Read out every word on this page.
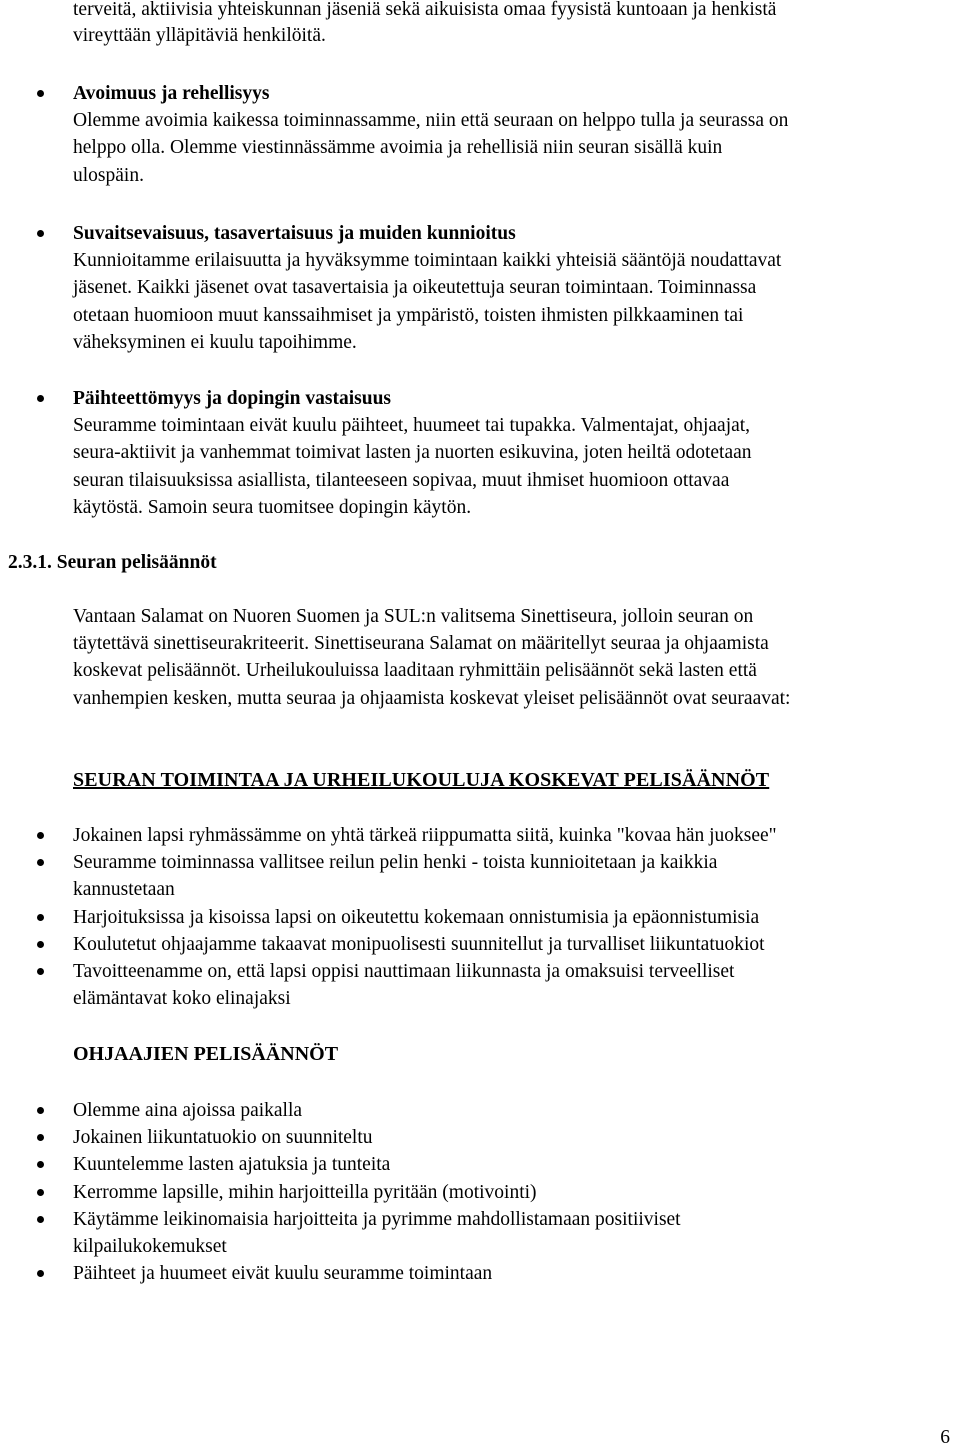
terveitä, aktiivisia yhteiskunnan jäseniä sekä aikuisista omaa fyysistä kuntoaan ja henkistä
vireyttään ylläpitäviä henkilöitä.
Avoimuus ja rehellisyys
Olemme avoimia kaikessa toiminnassamme, niin että seuraan on helppo tulla ja seurassa on
helppo olla. Olemme viestinnässämme avoimia ja rehellisiä niin seuran sisällä kuin
ulospäin.
Suvaitsevaisuus, tasavertaisuus ja muiden kunnioitus
Kunnioitamme erilaisuutta ja hyväksymme toimintaan kaikki yhteisiä sääntöjä noudattavat
jäsenet. Kaikki jäsenet ovat tasavertaisia ja oikeutettuja seuran toimintaan. Toiminnassa
otetaan huomioon muut kanssaihmiset ja ympäristö, toisten ihmisten pilkkaaminen tai
väheksyminen ei kuulu tapoihimme.
Päihteettömyys ja dopingin vastaisuus
Seuramme toimintaan eivät kuulu päihteet, huumeet tai tupakka. Valmentajat, ohjaajat,
seura-aktiivit ja vanhemmat toimivat lasten ja nuorten esikuvina, joten heiltä odotetaan
seuran tilaisuuksissa asiallista, tilanteeseen sopivaa, muut ihmiset huomioon ottavaa
käytöstä. Samoin seura tuomitsee dopingin käytön.
2.3.1. Seuran pelisäännöt
Vantaan Salamat on Nuoren Suomen ja SUL:n valitsema Sinettiseura, jolloin seuran on
täytettävä sinettiseurakriteerit. Sinettiseurana Salamat on määritellyt seuraa ja ohjaamista
koskevat pelisäännöt. Urheilukouluissa laaditaan ryhmittäin pelisäännöt sekä lasten että
vanhempien kesken, mutta seuraa ja ohjaamista koskevat yleiset pelisäännöt ovat seuraavat:
SEURAN TOIMINTAA JA URHEILUKOULUJA KOSKEVAT PELISÄÄNNÖT
Jokainen lapsi ryhmässämme on yhtä tärkeä riippumatta siitä, kuinka "kovaa hän juoksee"
Seuramme toiminnassa vallitsee reilun pelin henki - toista kunnioitetaan ja kaikkia
kannustetaan
Harjoituksissa ja kisoissa lapsi on oikeutettu kokemaan onnistumisia ja epäonnistumisia
Koulutetut ohjaajamme takaavat monipuolisesti suunnitellut ja turvalliset liikuntatuokiot
Tavoitteenamme on, että lapsi oppisi nauttimaan liikunnasta ja omaksuisi terveelliset
elämäntavat koko elinajaksi
OHJAAJIEN PELISÄÄNNÖT
Olemme aina ajoissa paikalla
Jokainen liikuntatuokio on suunniteltu
Kuuntelemme lasten ajatuksia ja tunteita
Kerromme lapsille, mihin harjoitteilla pyritään (motivointi)
Käytämme leikinomaisia harjoitteita ja pyrimme mahdollistamaan positiiviset
kilpailukokemukset
Päihteet ja huumeet eivät kuulu seuramme toimintaan
6
